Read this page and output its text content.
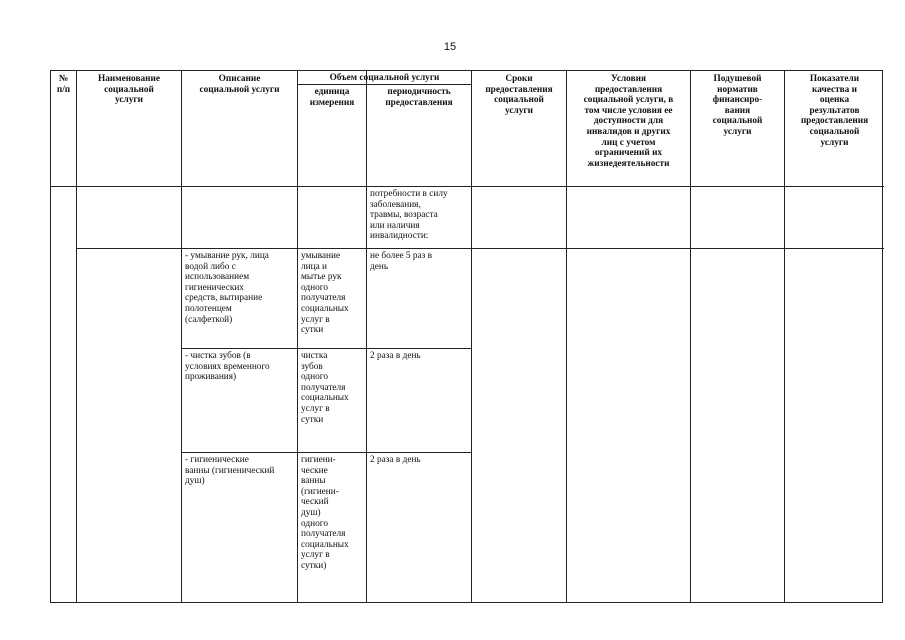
15
№
п/п
Наименование
социальной
услуги
Описание
социальной услуги
Объем социальной услуги
единица
измерения
периодичность
предоставления
Сроки
предоставления
социальной
услуги
Условия
предоставления
социальной услуги, в
том числе условия ее
доступности для
инвалидов и других
лиц с учетом
ограничений их
жизнедеятельности
Подушевой
норматив
финансиро-
вания
социальной
услуги
Показатели
качества и
оценка
результатов
предоставления
социальной
услуги
потребности в силу
заболевания,
травмы, возраста
или наличия
инвалидности:
- умывание рук, лица
водой либо с
использованием
гигиенических
средств, вытирание
полотенцем
(салфеткой)
умывание
лица и
мытье рук
одного
получателя
социальных
услуг в
сутки
не более 5 раз в
день
- чистка зубов (в
условиях временного
проживания)
чистка
зубов
одного
получателя
социальных
услуг в
сутки
2 раза в день
- гигиенические
ванны (гигиенический
душ)
гигиени-
ческие
ванны
(гигиени-
ческий
душ)
одного
получателя
социальных
услуг в
сутки)
2 раза в день
